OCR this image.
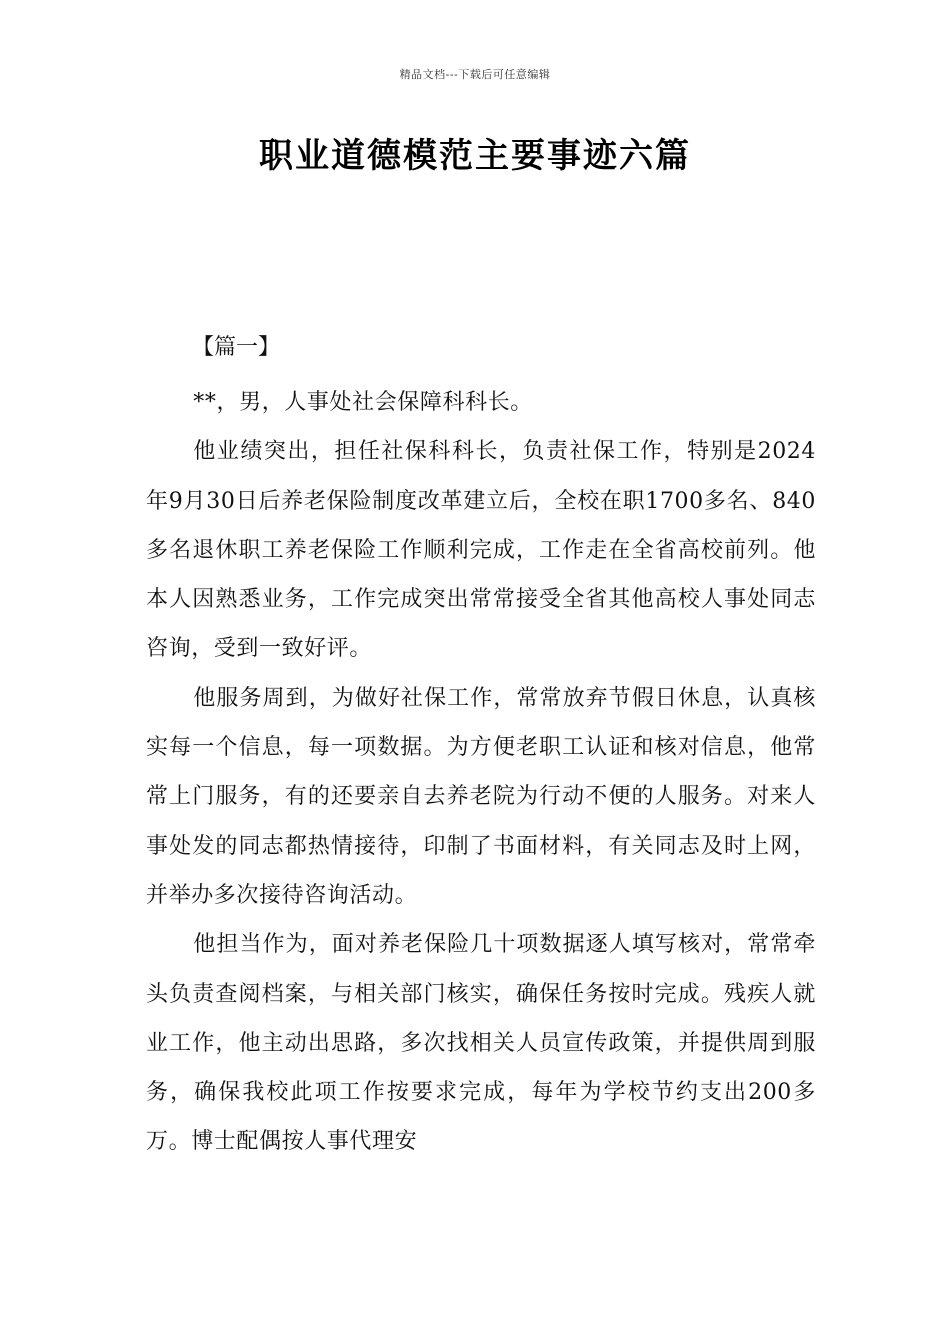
精品文档---下载后可任意编辑
职业道德模范主要事迹六篇
【篇一】

**，男，人事处社会保障科科长。

他业绩突出，担任社保科科长，负责社保工作，特别是2024年9月30日后养老保险制度改革建立后，全校在职1700多名、840多名退休职工养老保险工作顺利完成，工作走在全省高校前列。他本人因熟悉业务，工作完成突出常常接受全省其他高校人事处同志咨询，受到一致好评。

他服务周到，为做好社保工作，常常放弃节假日休息，认真核实每一个信息，每一项数据。为方便老职工认证和核对信息，他常常上门服务，有的还要亲自去养老院为行动不便的人服务。对来人事处发的同志都热情接待，印制了书面材料，有关同志及时上网，并举办多次接待咨询活动。

他担当作为，面对养老保险几十项数据逐人填写核对，常常牵头负责查阅档案，与相关部门核实，确保任务按时完成。残疾人就业工作，他主动出思路，多次找相关人员宣传政策，并提供周到服务，确保我校此项工作按要求完成，每年为学校节约支出200多万。博士配偶按人事代理安
